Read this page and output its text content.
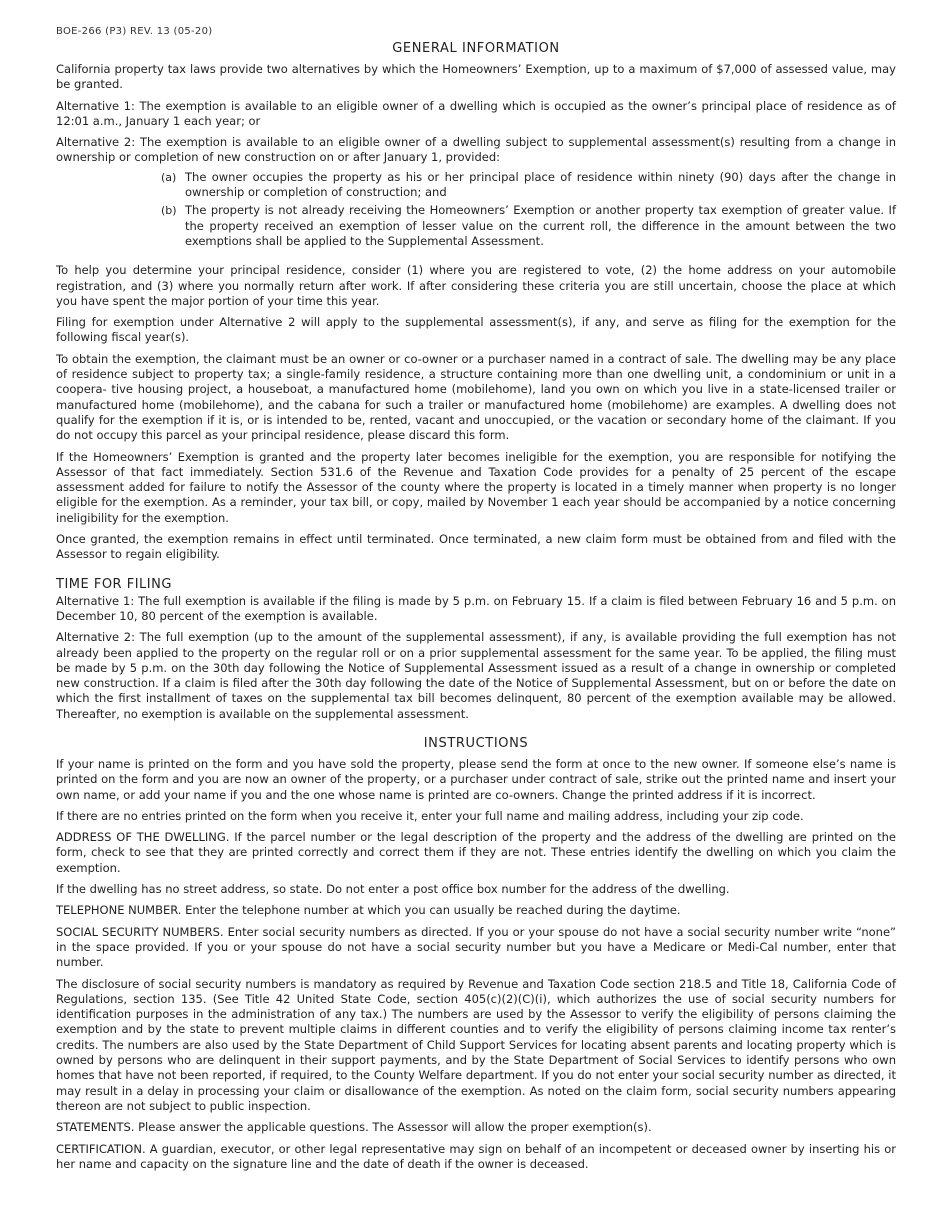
BOE-266 (P3) REV. 13 (05-20)
GENERAL INFORMATION

California property tax laws provide two alternatives by which the Homeowners’ Exemption, up to a maximum of $7,000 of assessed value, may be granted.

Alternative 1: The exemption is available to an eligible owner of a dwelling which is occupied as the owner’s principal place of residence as of 12:01 a.m., January 1 each year; or

Alternative 2: The exemption is available to an eligible owner of a dwelling subject to supplemental assessment(s) resulting from a change in ownership or completion of new construction on or after January 1, provided:

(a) The owner occupies the property as his or her principal place of residence within ninety (90) days after the change in ownership or completion of construction; and
(b) The property is not already receiving the Homeowners’ Exemption or another property tax exemption of greater value. If the property received an exemption of lesser value on the current roll, the difference in the amount between the two exemptions shall be applied to the Supplemental Assessment.

To help you determine your principal residence, consider (1) where you are registered to vote, (2) the home address on your automobile registration, and (3) where you normally return after work. If after considering these criteria you are still uncertain, choose the place at which you have spent the major portion of your time this year.

Filing for exemption under Alternative 2 will apply to the supplemental assessment(s), if any, and serve as filing for the exemption for the following fiscal year(s).

To obtain the exemption, the claimant must be an owner or co-owner or a purchaser named in a contract of sale. The dwelling may be any place of residence subject to property tax; a single-family residence, a structure containing more than one dwelling unit, a condominium or unit in a coopera- tive housing project, a houseboat, a manufactured home (mobilehome), land you own on which you live in a state-licensed trailer or manufactured home (mobilehome), and the cabana for such a trailer or manufactured home (mobilehome) are examples. A dwelling does not qualify for the exemption if it is, or is intended to be, rented, vacant and unoccupied, or the vacation or secondary home of the claimant. If you do not occupy this parcel as your principal residence, please discard this form.

If the Homeowners’ Exemption is granted and the property later becomes ineligible for the exemption, you are responsible for notifying the Assessor of that fact immediately. Section 531.6 of the Revenue and Taxation Code provides for a penalty of 25 percent of the escape assessment added for failure to notify the Assessor of the county where the property is located in a timely manner when property is no longer eligible for the exemption. As a reminder, your tax bill, or copy, mailed by November 1 each year should be accompanied by a notice concerning ineligibility for the exemption.

Once granted, the exemption remains in effect until terminated. Once terminated, a new claim form must be obtained from and filed with the Assessor to regain eligibility.

TIME FOR FILING

Alternative 1: The full exemption is available if the filing is made by 5 p.m. on February 15. If a claim is filed between February 16 and 5 p.m. on December 10, 80 percent of the exemption is available.

Alternative 2: The full exemption (up to the amount of the supplemental assessment), if any, is available providing the full exemption has not already been applied to the property on the regular roll or on a prior supplemental assessment for the same year. To be applied, the filing must be made by 5 p.m. on the 30th day following the Notice of Supplemental Assessment issued as a result of a change in ownership or completed new construction. If a claim is filed after the 30th day following the date of the Notice of Supplemental Assessment, but on or before the date on which the first installment of taxes on the supplemental tax bill becomes delinquent, 80 percent of the exemption available may be allowed. Thereafter, no exemption is available on the supplemental assessment.

INSTRUCTIONS

If your name is printed on the form and you have sold the property, please send the form at once to the new owner. If someone else’s name is printed on the form and you are now an owner of the property, or a purchaser under contract of sale, strike out the printed name and insert your own name, or add your name if you and the one whose name is printed are co-owners. Change the printed address if it is incorrect.

If there are no entries printed on the form when you receive it, enter your full name and mailing address, including your zip code.

ADDRESS OF THE DWELLING. If the parcel number or the legal description of the property and the address of the dwelling are printed on the form, check to see that they are printed correctly and correct them if they are not. These entries identify the dwelling on which you claim the exemption.

If the dwelling has no street address, so state. Do not enter a post office box number for the address of the dwelling.

TELEPHONE NUMBER. Enter the telephone number at which you can usually be reached during the daytime.

SOCIAL SECURITY NUMBERS. Enter social security numbers as directed. If you or your spouse do not have a social security number write “none” in the space provided. If you or your spouse do not have a social security number but you have a Medicare or Medi-Cal number, enter that number.

The disclosure of social security numbers is mandatory as required by Revenue and Taxation Code section 218.5 and Title 18, California Code of Regulations, section 135. (See Title 42 United State Code, section 405(c)(2)(C)(i), which authorizes the use of social security numbers for identification purposes in the administration of any tax.) The numbers are used by the Assessor to verify the eligibility of persons claiming the exemption and by the state to prevent multiple claims in different counties and to verify the eligibility of persons claiming income tax renter’s credits. The numbers are also used by the State Department of Child Support Services for locating absent parents and locating property which is owned by persons who are delinquent in their support payments, and by the State Department of Social Services to identify persons who own homes that have not been reported, if required, to the County Welfare department. If you do not enter your social security number as directed, it may result in a delay in processing your claim or disallowance of the exemption. As noted on the claim form, social security numbers appearing thereon are not subject to public inspection.

STATEMENTS. Please answer the applicable questions. The Assessor will allow the proper exemption(s).

CERTIFICATION. A guardian, executor, or other legal representative may sign on behalf of an incompetent or deceased owner by inserting his or her name and capacity on the signature line and the date of death if the owner is deceased.
